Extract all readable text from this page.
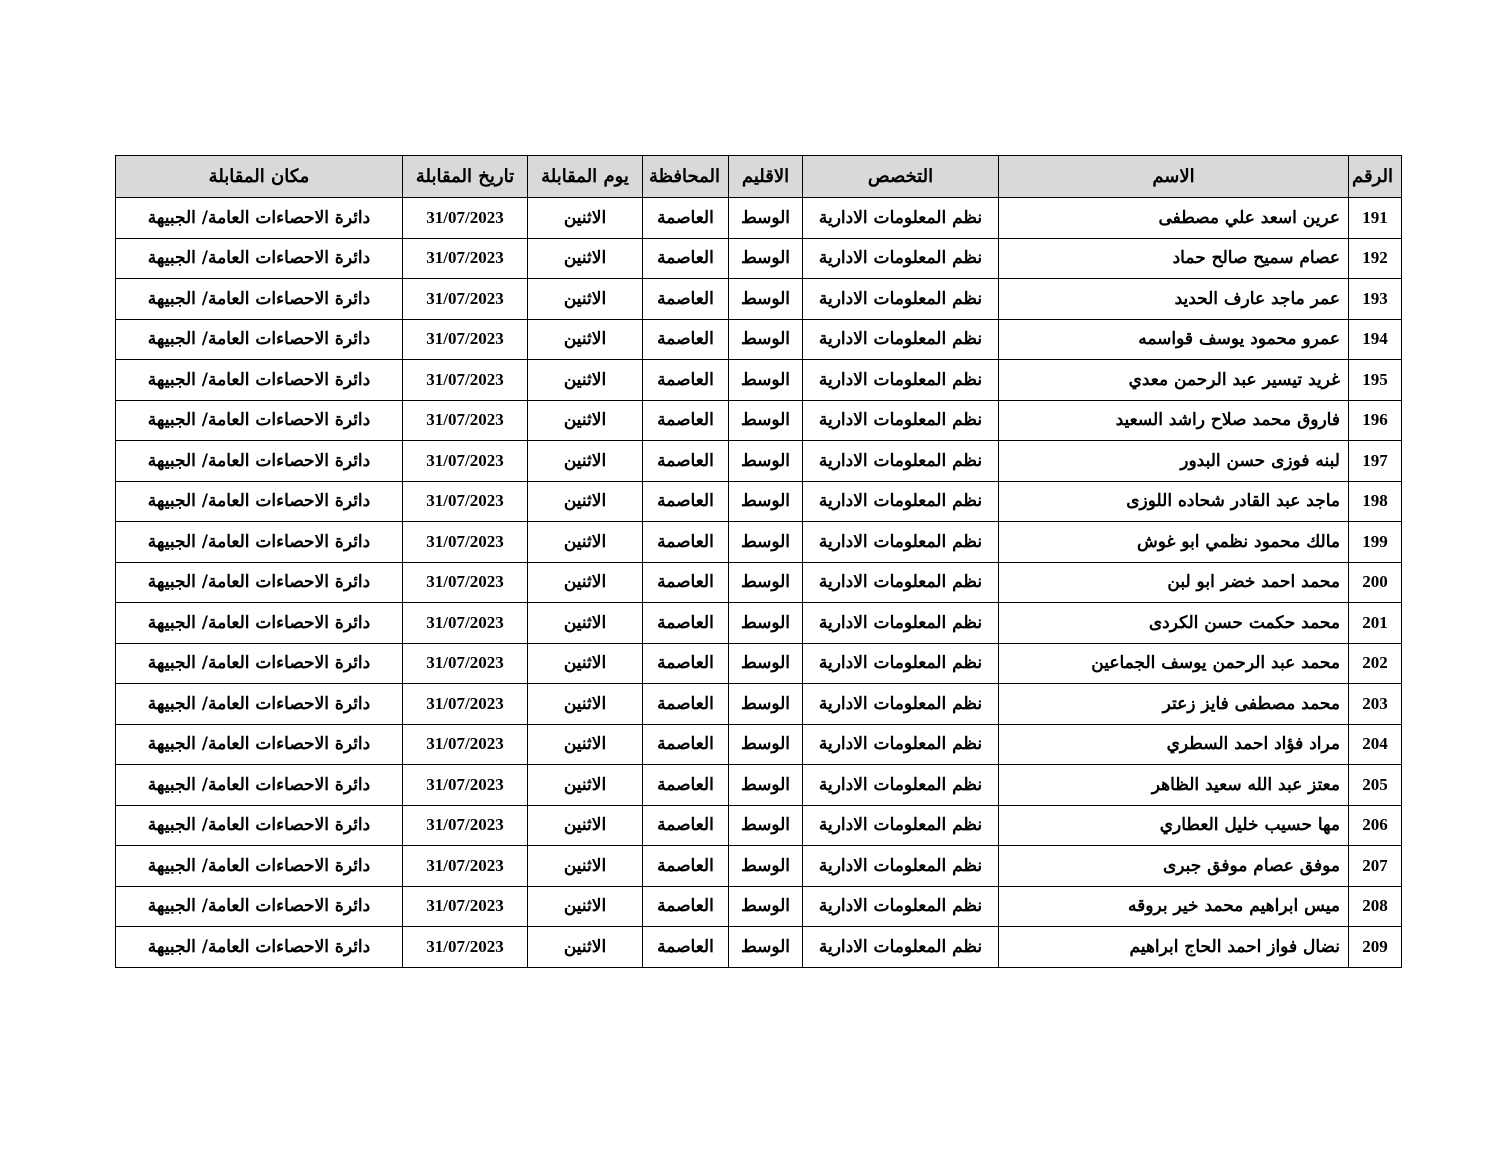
الرقم	الاسم	التخصص	الاقليم	المحافظة	يوم المقابلة	تاريخ المقابلة	مكان المقابلة
191	عرين اسعد علي مصطفى	نظم المعلومات الادارية	الوسط	العاصمة	الاثنين	31/07/2023	دائرة الاحصاءات العامة/ الجبيهة
192	عصام سميح صالح حماد	نظم المعلومات الادارية	الوسط	العاصمة	الاثنين	31/07/2023	دائرة الاحصاءات العامة/ الجبيهة
193	عمر ماجد عارف الحديد	نظم المعلومات الادارية	الوسط	العاصمة	الاثنين	31/07/2023	دائرة الاحصاءات العامة/ الجبيهة
194	عمرو محمود يوسف قواسمه	نظم المعلومات الادارية	الوسط	العاصمة	الاثنين	31/07/2023	دائرة الاحصاءات العامة/ الجبيهة
195	غريد تيسير عبد الرحمن معدي	نظم المعلومات الادارية	الوسط	العاصمة	الاثنين	31/07/2023	دائرة الاحصاءات العامة/ الجبيهة
196	فاروق محمد صلاح راشد السعيد	نظم المعلومات الادارية	الوسط	العاصمة	الاثنين	31/07/2023	دائرة الاحصاءات العامة/ الجبيهة
197	لبنه فوزى حسن البدور	نظم المعلومات الادارية	الوسط	العاصمة	الاثنين	31/07/2023	دائرة الاحصاءات العامة/ الجبيهة
198	ماجد عبد القادر شحاده اللوزى	نظم المعلومات الادارية	الوسط	العاصمة	الاثنين	31/07/2023	دائرة الاحصاءات العامة/ الجبيهة
199	مالك محمود نظمي ابو غوش	نظم المعلومات الادارية	الوسط	العاصمة	الاثنين	31/07/2023	دائرة الاحصاءات العامة/ الجبيهة
200	محمد احمد خضر ابو لبن	نظم المعلومات الادارية	الوسط	العاصمة	الاثنين	31/07/2023	دائرة الاحصاءات العامة/ الجبيهة
201	محمد حكمت حسن الكردى	نظم المعلومات الادارية	الوسط	العاصمة	الاثنين	31/07/2023	دائرة الاحصاءات العامة/ الجبيهة
202	محمد عبد الرحمن يوسف الجماعين	نظم المعلومات الادارية	الوسط	العاصمة	الاثنين	31/07/2023	دائرة الاحصاءات العامة/ الجبيهة
203	محمد مصطفى فايز زعتر	نظم المعلومات الادارية	الوسط	العاصمة	الاثنين	31/07/2023	دائرة الاحصاءات العامة/ الجبيهة
204	مراد فؤاد احمد السطري	نظم المعلومات الادارية	الوسط	العاصمة	الاثنين	31/07/2023	دائرة الاحصاءات العامة/ الجبيهة
205	معتز عبد الله سعيد الظاهر	نظم المعلومات الادارية	الوسط	العاصمة	الاثنين	31/07/2023	دائرة الاحصاءات العامة/ الجبيهة
206	مها حسيب خليل العطاري	نظم المعلومات الادارية	الوسط	العاصمة	الاثنين	31/07/2023	دائرة الاحصاءات العامة/ الجبيهة
207	موفق عصام موفق جبرى	نظم المعلومات الادارية	الوسط	العاصمة	الاثنين	31/07/2023	دائرة الاحصاءات العامة/ الجبيهة
208	ميس ابراهيم محمد خير بروقه	نظم المعلومات الادارية	الوسط	العاصمة	الاثنين	31/07/2023	دائرة الاحصاءات العامة/ الجبيهة
209	نضال فواز احمد الحاج ابراهيم	نظم المعلومات الادارية	الوسط	العاصمة	الاثنين	31/07/2023	دائرة الاحصاءات العامة/ الجبيهة
